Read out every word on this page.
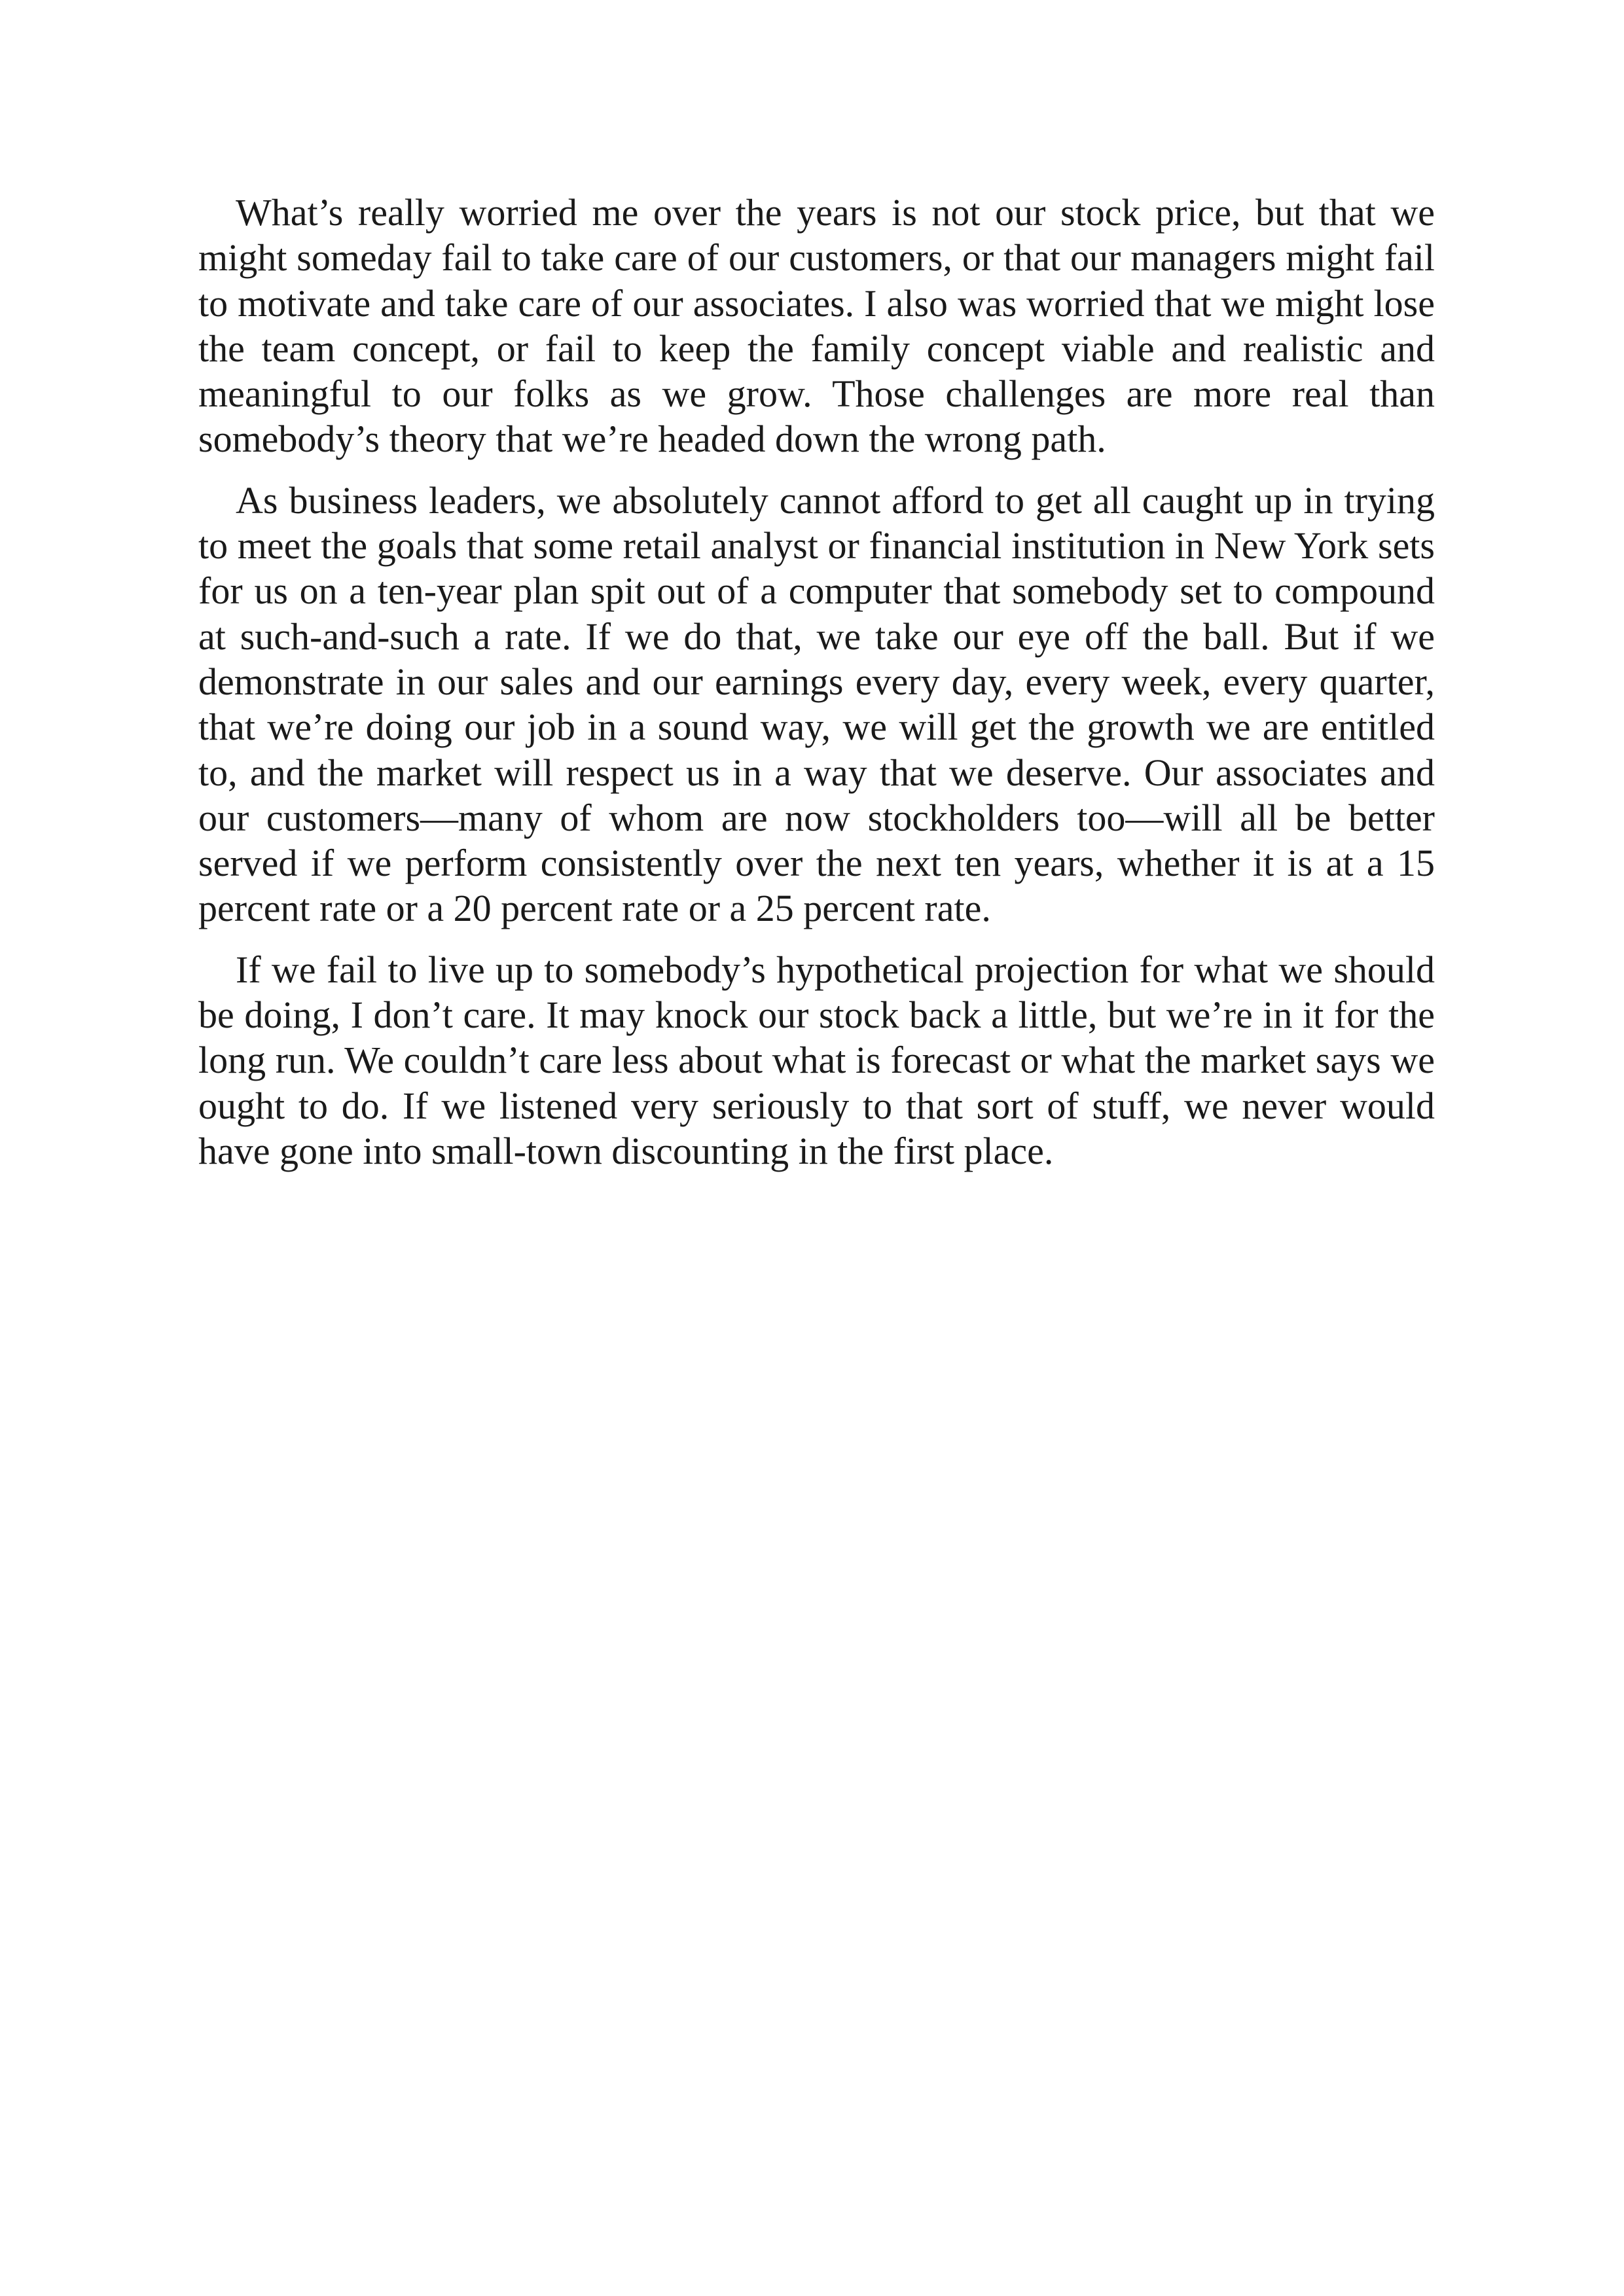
What’s really worried me over the years is not our stock price, but that we might someday fail to take care of our customers, or that our managers might fail to motivate and take care of our associates. I also was worried that we might lose the team concept, or fail to keep the family concept viable and realistic and meaningful to our folks as we grow. Those challenges are more real than somebody’s theory that we’re headed down the wrong path.

As business leaders, we absolutely cannot afford to get all caught up in trying to meet the goals that some retail analyst or financial institution in New York sets for us on a ten-year plan spit out of a computer that somebody set to compound at such-and-such a rate. If we do that, we take our eye off the ball. But if we demonstrate in our sales and our earnings every day, every week, every quarter, that we’re doing our job in a sound way, we will get the growth we are entitled to, and the market will respect us in a way that we deserve. Our associates and our customers—many of whom are now stockholders too—will all be better served if we perform consistently over the next ten years, whether it is at a 15 percent rate or a 20 percent rate or a 25 percent rate.

If we fail to live up to somebody’s hypothetical projection for what we should be doing, I don’t care. It may knock our stock back a little, but we’re in it for the long run. We couldn’t care less about what is forecast or what the market says we ought to do. If we listened very seriously to that sort of stuff, we never would have gone into small-town discounting in the first place.
